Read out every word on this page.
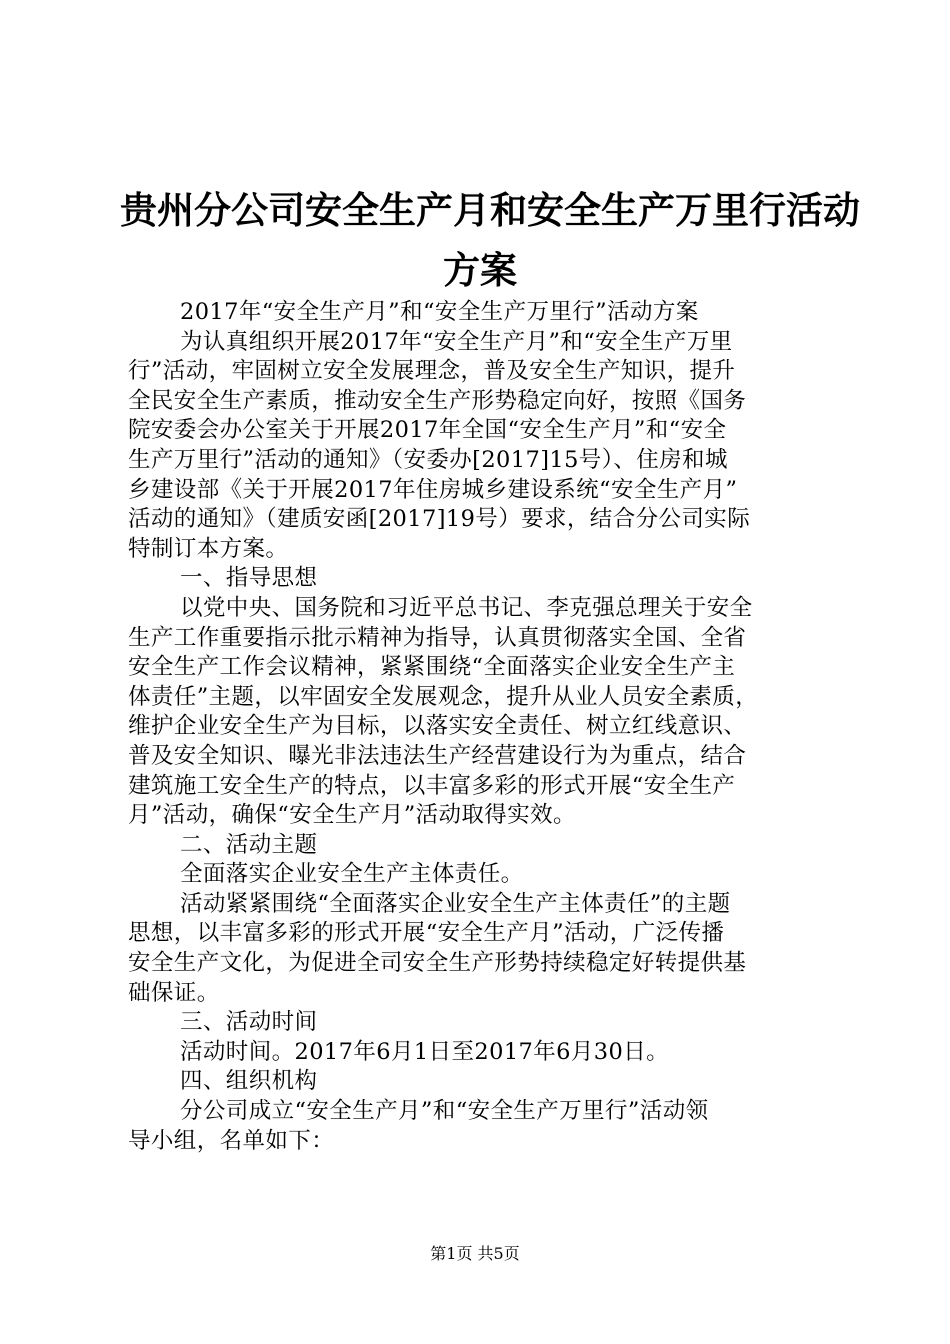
贵州分公司安全生产月和安全生产万里行活动
方案
2017年“安全生产月”和“安全生产万里行”活动方案
为认真组织开展2017年“安全生产月”和“安全生产万里
行”活动，牢固树立安全发展理念，普及安全生产知识，提升
全民安全生产素质，推动安全生产形势稳定向好，按照《国务
院安委会办公室关于开展2017年全国“安全生产月”和“安全
生产万里行”活动的通知》（安委办[2017]15号）、住房和城
乡建设部《关于开展2017年住房城乡建设系统“安全生产月”
活动的通知》（建质安函[2017]19号）要求，结合分公司实际
特制订本方案。
一、指导思想
以党中央、国务院和习近平总书记、李克强总理关于安全
生产工作重要指示批示精神为指导，认真贯彻落实全国、全省
安全生产工作会议精神，紧紧围绕“全面落实企业安全生产主
体责任”主题，以牢固安全发展观念，提升从业人员安全素质，
维护企业安全生产为目标，以落实安全责任、树立红线意识、
普及安全知识、曝光非法违法生产经营建设行为为重点，结合
建筑施工安全生产的特点，以丰富多彩的形式开展“安全生产
月”活动，确保“安全生产月”活动取得实效。
二、活动主题
全面落实企业安全生产主体责任。
活动紧紧围绕“全面落实企业安全生产主体责任”的主题
思想，以丰富多彩的形式开展“安全生产月”活动，广泛传播
安全生产文化，为促进全司安全生产形势持续稳定好转提供基
础保证。
三、活动时间
活动时间。2017年6月1日至2017年6月30日。
四、组织机构
分公司成立“安全生产月”和“安全生产万里行”活动领
导小组，名单如下：
第1页 共5页
